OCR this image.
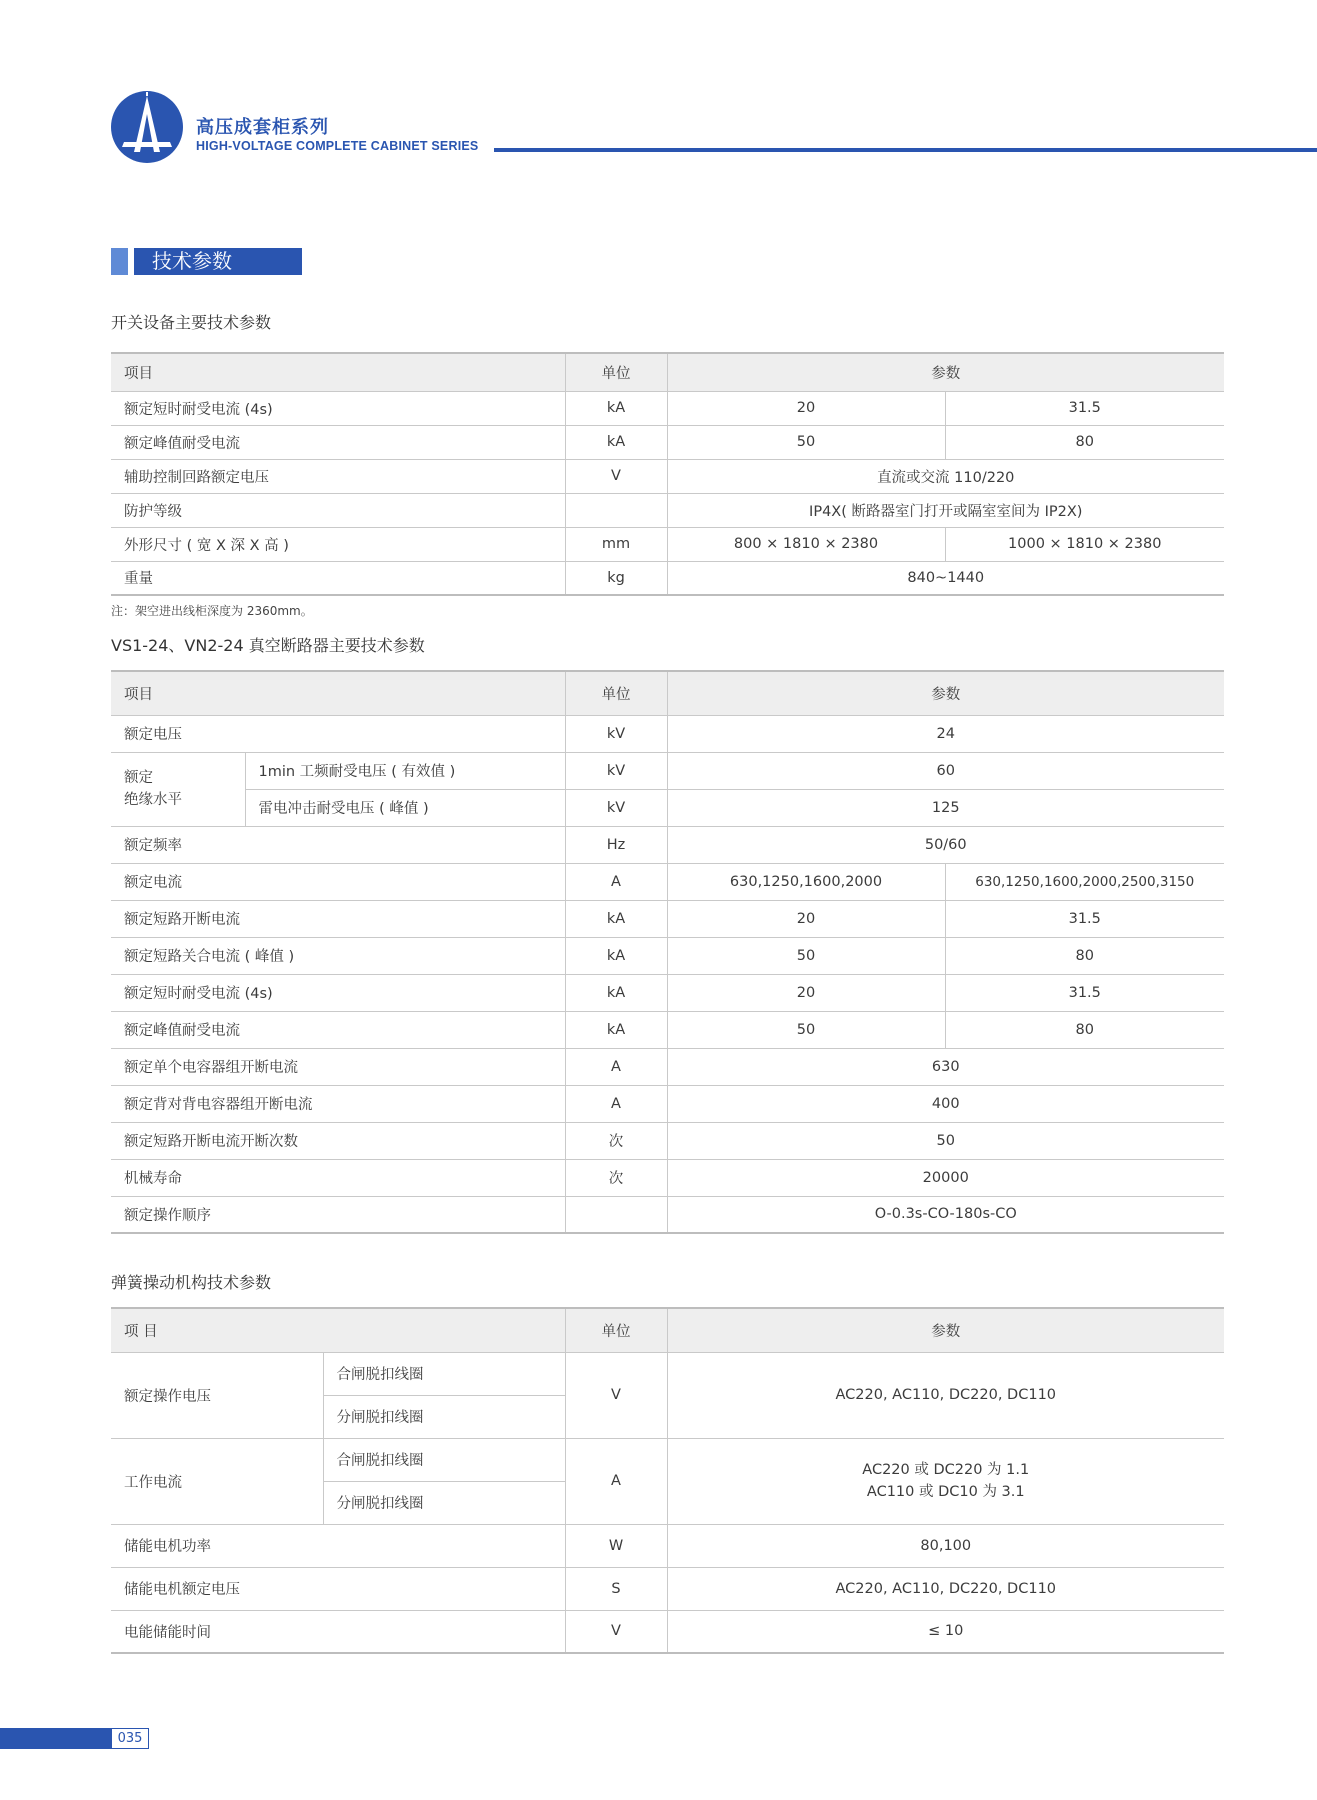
高压成套柜系列
HIGH-VOLTAGE COMPLETE CABINET SERIES
技术参数
开关设备主要技术参数
项目	单位	参数	
额定短时耐受电流 (4s)	kA	20	31.5
额定峰值耐受电流	kA	50	80
辅助控制回路额定电压	V	直流或交流 110/220	
防护等级		IP4X( 断路器室门打开或隔室室间为 IP2X)	
外形尺寸 ( 宽 X 深 X 高 )	mm	800 × 1810 × 2380	1000 × 1810 × 2380
重量	kg	840~1440	
注：架空进出线柜深度为 2360mm。
VS1-24、VN2-24 真空断路器主要技术参数
项目		单位	参数	
额定电压		kV	24	
额定
绝缘水平	1min 工频耐受电压 ( 有效值 )	kV	60	
	雷电冲击耐受电压 ( 峰值 )	kV	125	
额定频率		Hz	50/60	
额定电流		A	630,1250,1600,2000	630,1250,1600,2000,2500,3150
额定短路开断电流		kA	20	31.5
额定短路关合电流 ( 峰值 )		kA	50	80
额定短时耐受电流 (4s)		kA	20	31.5
额定峰值耐受电流		kA	50	80
额定单个电容器组开断电流		A	630	
额定背对背电容器组开断电流		A	400	
额定短路开断电流开断次数		次	50	
机械寿命		次	20000	
额定操作顺序			O-0.3s-CO-180s-CO	
弹簧操动机构技术参数
项 目		单位	参数
额定操作电压	合闸脱扣线圈	V	AC220, AC110, DC220, DC110
	分闸脱扣线圈		
工作电流	合闸脱扣线圈	A	AC220 或 DC220 为 1.1
AC110 或 DC10 为 3.1

	分闸脱扣线圈		
储能电机功率		W	80,100
储能电机额定电压		S	AC220, AC110, DC220, DC110
电能储能时间		V	≤ 10
035
